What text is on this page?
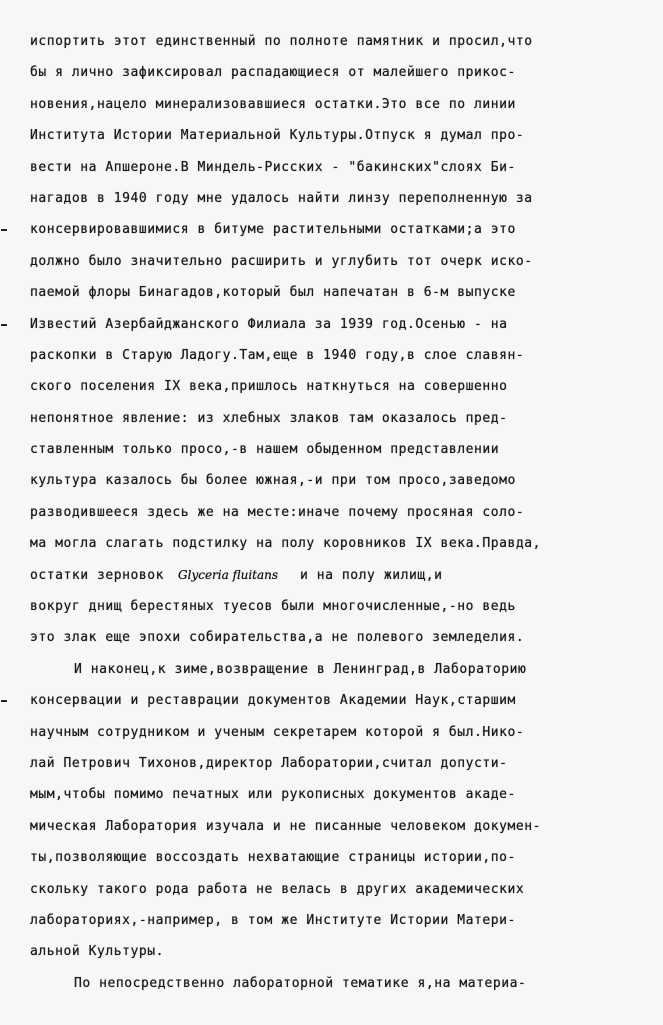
испортить этот единственный по полноте памятник и просил,что
бы я лично зафиксировал распадающиеся от малейшего прикос-
новения,нацело минерализовавшиеся остатки.Это все по линии
Института Истории Материальной Культуры.Отпуск я думал про-
вести на Апшероне.В Миндель-Рисских - "бакинских"слоях Би-
нагадов в 1940 году мне удалось найти линзу переполненную за
консервировавшимися в битуме растительными остатками;а это
должно было значительно расширить и углубить тот очерк иско-
паемой флоры Бинагадов,который был напечатан в 6-м выпуске
Известий Азербайджанского Филиала за 1939 год.Осенью - на
раскопки в Старую Ладогу.Там,еще в 1940 году,в слое славян-
ского поселения IX века,пришлось наткнуться на совершенно
непонятное явление: из хлебных злаков там оказалось пред-
ставленным только просо,-в нашем обыденном представлении
культура казалось бы более южная,-и при том просо,заведомо
разводившееся здесь же на месте:иначе почему просяная соло-
ма могла слагать подстилку на полу коровников IX века.Правда,
остатки зерновок Glyceria fluitans и на полу жилищ,и
вокруг днищ берестяных туесов были многочисленные,-но ведь
это злак еще эпохи собирательства,а не полевого земледелия.
И наконец,к зиме,возвращение в Ленинград,в Лабораторию
консервации и реставрации документов Академии Наук,старшим
научным сотрудником и ученым секретарем которой я был.Нико-
лай Петрович Тихонов,директор Лаборатории,считал допусти-
мым,чтобы помимо печатных или рукописных документов акаде-
мическая Лаборатория изучала и не писанные человеком докумен-
ты,позволяющие воссоздать нехватающие страницы истории,по-
скольку такого рода работа не велась в других академических
лабораториях,-например, в том же Институте Истории Матери-
альной Культуры.
По непосредственно лабораторной тематике я,на материа-
